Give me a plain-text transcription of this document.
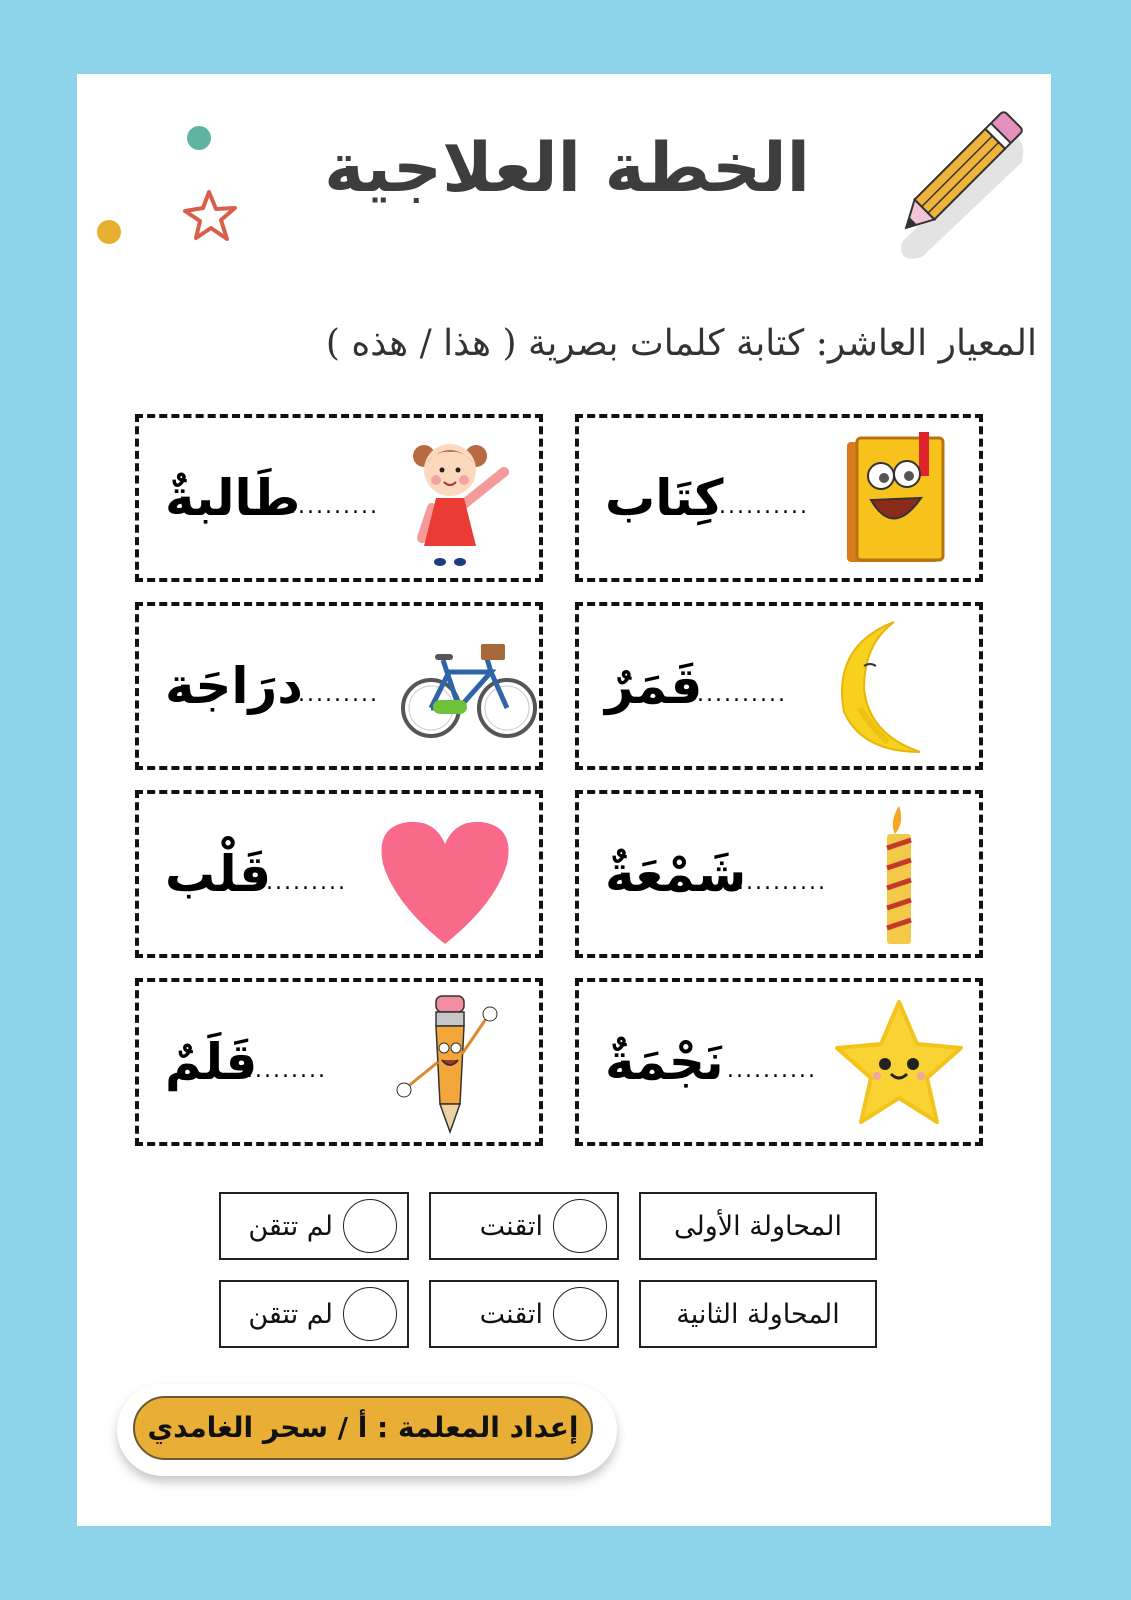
الخطة العلاجية
المعيار العاشر: كتابة كلمات بصرية ( هذا / هذه )
كِتَاب
..........
طَالبةٌ
..........
قَمَرٌ
..........
درَاجَة
..........
شَمْعَةٌ
..........
قَلْب
..........
نَجْمَةٌ ..........
قَلَمٌ
..........
المحاولة الأولى
اتقنت
لم تتقن
المحاولة الثانية
اتقنت
لم تتقن
إعداد المعلمة : أ / سحر الغامدي
